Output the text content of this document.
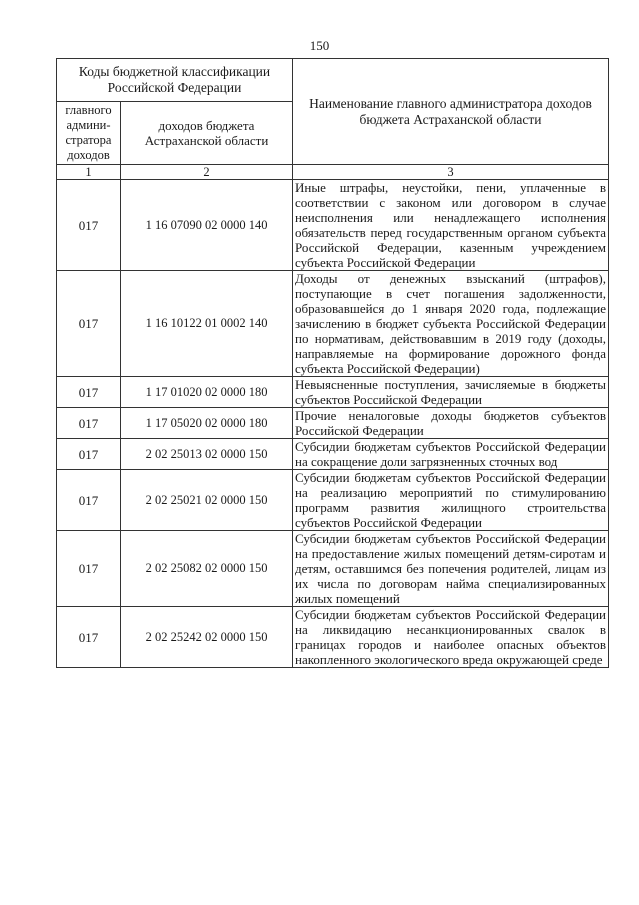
150
Коды бюджетной классификации Российской Федерации		Наименование главного администратора доходов бюджета Астраханской области
главного админи-стратора доходов	доходов бюджета Астраханской области	
1	2	3
017	1 16 07090 02 0000 140	Иные штрафы, неустойки, пени, уплаченные в соответствии с законом или договором в случае неисполнения или ненадлежащего исполнения обязательств перед государственным органом субъекта Российской Федерации, казенным учреждением субъекта Российской Федерации
017	1 16 10122 01 0002 140	Доходы от денежных взысканий (штрафов), поступающие в счет погашения задолженности, образовавшейся до 1 января 2020 года, подлежащие зачислению в бюджет субъекта Российской Федерации по нормативам, действовавшим в 2019 году (доходы, направляемые на формирование дорожного фонда субъекта Российской Федерации)
017	1 17 01020 02 0000 180	Невыясненные поступления, зачисляемые в бюджеты субъектов Российской Федерации
017	1 17 05020 02 0000 180	Прочие неналоговые доходы бюджетов субъектов Российской Федерации
017	2 02 25013 02 0000 150	Субсидии бюджетам субъектов Российской Федерации на сокращение доли загрязненных сточных вод
017	2 02 25021 02 0000 150	Субсидии бюджетам субъектов Российской Федерации на реализацию мероприятий по стимулированию программ развития жилищного строительства субъектов Российской Федерации
017	2 02 25082 02 0000 150	Субсидии бюджетам субъектов Российской Федерации на предоставление жилых помещений детям-сиротам и детям, оставшимся без попечения родителей, лицам из их числа по договорам найма специализированных жилых помещений
017	2 02 25242 02 0000 150	Субсидии бюджетам субъектов Российской Федерации на ликвидацию несанкционированных свалок в границах городов и наиболее опасных объектов накопленного экологического вреда окружающей среде
